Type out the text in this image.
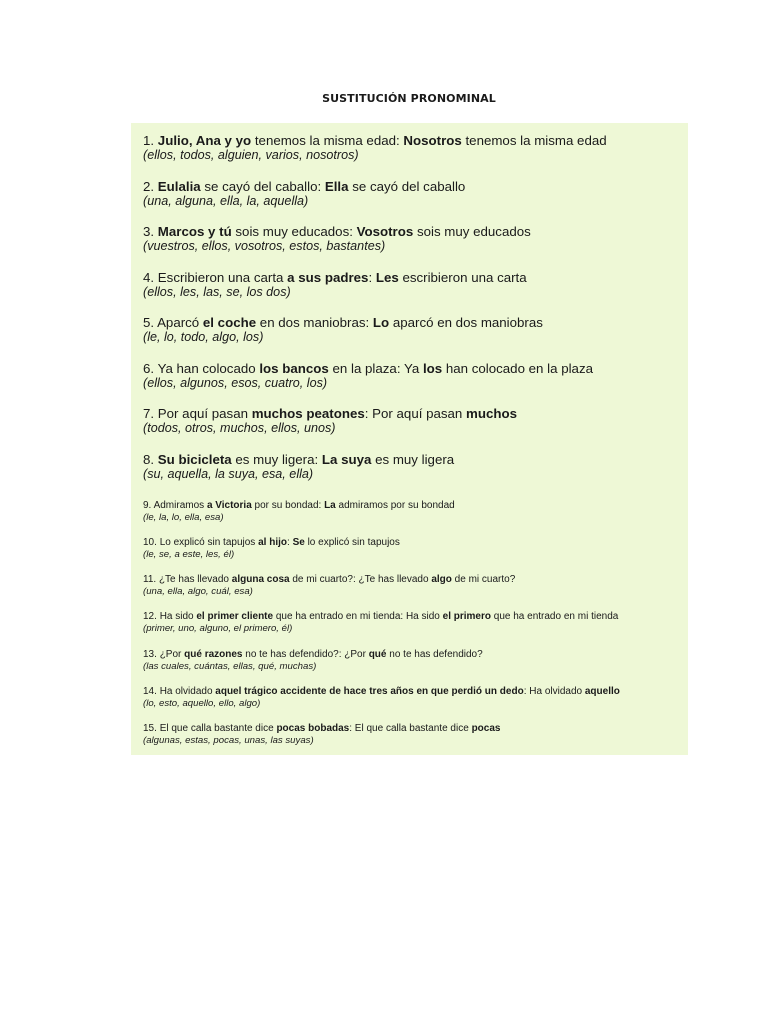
SUSTITUCIÓN PRONOMINAL
1. Julio, Ana y yo tenemos la misma edad: Nosotros tenemos la misma edad
(ellos, todos, alguien, varios, nosotros)
2. Eulalia se cayó del caballo: Ella se cayó del caballo
(una, alguna, ella, la, aquella)
3. Marcos y tú sois muy educados: Vosotros sois muy educados
(vuestros, ellos, vosotros, estos, bastantes)
4. Escribieron una carta a sus padres: Les escribieron una carta
(ellos, les, las, se, los dos)
5. Aparcó el coche en dos maniobras: Lo aparcó en dos maniobras
(le, lo, todo, algo, los)
6. Ya han colocado los bancos en la plaza: Ya los han colocado en la plaza
(ellos, algunos, esos, cuatro, los)
7. Por aquí pasan muchos peatones: Por aquí pasan muchos
(todos, otros, muchos, ellos, unos)
8. Su bicicleta es muy ligera: La suya es muy ligera
(su, aquella, la suya, esa, ella)
9. Admiramos a Victoria por su bondad: La admiramos por su bondad
(le, la, lo, ella, esa)
10. Lo explicó sin tapujos al hijo: Se lo explicó sin tapujos
(le, se, a este, les, él)
11. ¿Te has llevado alguna cosa de mi cuarto?: ¿Te has llevado algo de mi cuarto?
(una, ella, algo, cuál, esa)
12. Ha sido el primer cliente que ha entrado en mi tienda: Ha sido el primero que ha entrado en mi tienda
(primer, uno, alguno, el primero, él)
13. ¿Por qué razones no te has defendido?: ¿Por qué no te has defendido?
(las cuales, cuántas, ellas, qué, muchas)
14. Ha olvidado aquel trágico accidente de hace tres años en que perdió un dedo: Ha olvidado aquello
(lo, esto, aquello, ello, algo)
15. El que calla bastante dice pocas bobadas: El que calla bastante dice pocas
(algunas, estas, pocas, unas, las suyas)
